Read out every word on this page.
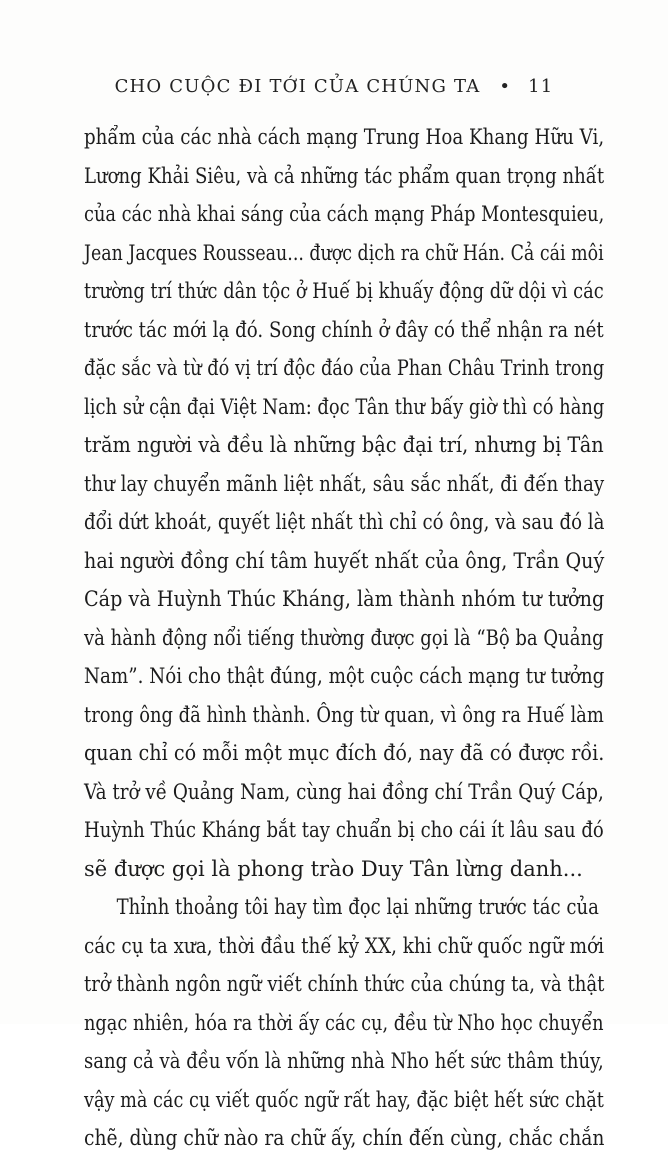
CHO CUỘC ĐI TỚI CỦA CHÚNG TA • 11
phẩm của các nhà cách mạng Trung Hoa Khang Hữu Vi,
Lương Khải Siêu, và cả những tác phẩm quan trọng nhất
của các nhà khai sáng của cách mạng Pháp Montesquieu,
Jean Jacques Rousseau... được dịch ra chữ Hán. Cả cái môi
trường trí thức dân tộc ở Huế bị khuấy động dữ dội vì các
trước tác mới lạ đó. Song chính ở đây có thể nhận ra nét
đặc sắc và từ đó vị trí độc đáo của Phan Châu Trinh trong
lịch sử cận đại Việt Nam: đọc Tân thư bấy giờ thì có hàng
trăm người và đều là những bậc đại trí, nhưng bị Tân
thư lay chuyển mãnh liệt nhất, sâu sắc nhất, đi đến thay
đổi dứt khoát, quyết liệt nhất thì chỉ có ông, và sau đó là
hai người đồng chí tâm huyết nhất của ông, Trần Quý
Cáp và Huỳnh Thúc Kháng, làm thành nhóm tư tưởng
và hành động nổi tiếng thường được gọi là “Bộ ba Quảng
Nam”. Nói cho thật đúng, một cuộc cách mạng tư tưởng
trong ông đã hình thành. Ông từ quan, vì ông ra Huế làm
quan chỉ có mỗi một mục đích đó, nay đã có được rồi.
Và trở về Quảng Nam, cùng hai đồng chí Trần Quý Cáp,
Huỳnh Thúc Kháng bắt tay chuẩn bị cho cái ít lâu sau đó
sẽ được gọi là phong trào Duy Tân lừng danh...
Thỉnh thoảng tôi hay tìm đọc lại những trước tác của
các cụ ta xưa, thời đầu thế kỷ XX, khi chữ quốc ngữ mới
trở thành ngôn ngữ viết chính thức của chúng ta, và thật
ngạc nhiên, hóa ra thời ấy các cụ, đều từ Nho học chuyển
sang cả và đều vốn là những nhà Nho hết sức thâm thúy,
vậy mà các cụ viết quốc ngữ rất hay, đặc biệt hết sức chặt
chẽ, dùng chữ nào ra chữ ấy, chín đến cùng, chắc chắn
